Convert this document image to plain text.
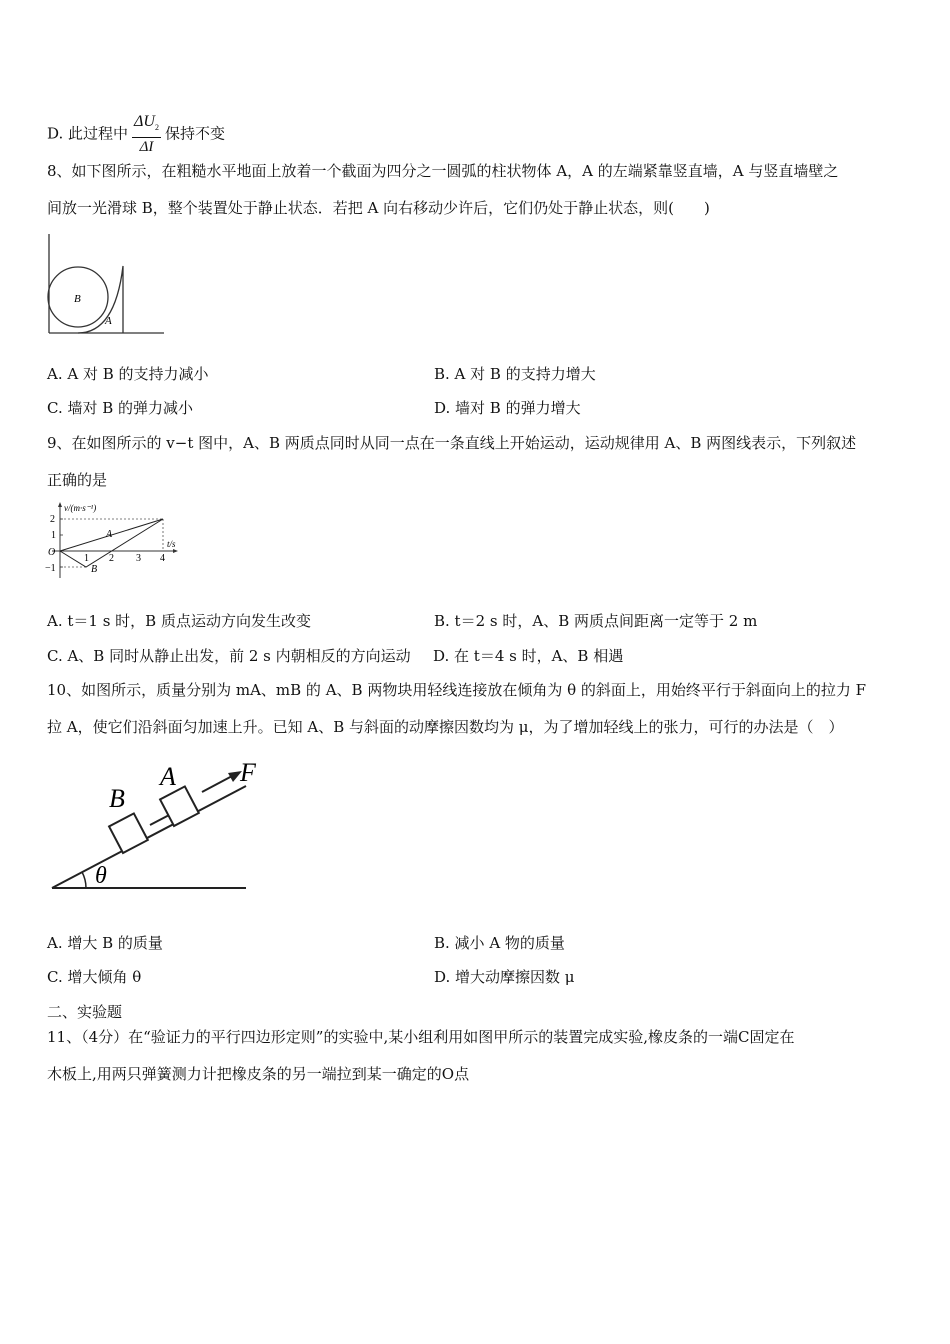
D. 此过程中 $\frac{\Delta U_2}{\Delta I}$ 保持不变
8、如下图所示，在粗糙水平地面上放着一个截面为四分之一圆弧的柱状物体 A，A 的左端紧靠竖直墙，A 与竖直墙壁之
间放一光滑球 B，整个装置处于静止状态．若把 A 向右移动少许后，它们仍处于静止状态，则(　　)
B
A
A. A 对 B 的支持力减小	B. A 对 B 的支持力增大
C. 墙对 B 的弹力减小	D. 墙对 B 的弹力增大
9、在如图所示的 v−t 图中，A、B 两质点同时从同一点在一条直线上开始运动，运动规律用 A、B 两图线表示，下列叙述
正确的是
v/(m·s⁻¹)
t/s
O
2
1
−1
1 2 3 4
A
B
A. t＝1 s 时，B 质点运动方向发生改变	B. t＝2 s 时，A、B 两质点间距离一定等于 2 m
C. A、B 同时从静止出发，前 2 s 内朝相反的方向运动 D. 在 t＝4 s 时，A、B 相遇
10、如图所示，质量分别为 mA、mB 的 A、B 两物块用轻线连接放在倾角为 θ 的斜面上，用始终平行于斜面向上的拉力 F
拉 A，使它们沿斜面匀加速上升。已知 A、B 与斜面的动摩擦因数均为 μ，为了增加轻线上的张力，可行的办法是（　）
θ
B
A F
A. 增大 B 的质量	B. 减小 A 物的质量
C. 增大倾角 θ	D. 增大动摩擦因数 μ
二、实验题
11、（4分）在“验证力的平行四边形定则”的实验中,某小组利用如图甲所示的装置完成实验,橡皮条的一端C固定在
木板上,用两只弹簧测力计把橡皮条的另一端拉到某一确定的O点
